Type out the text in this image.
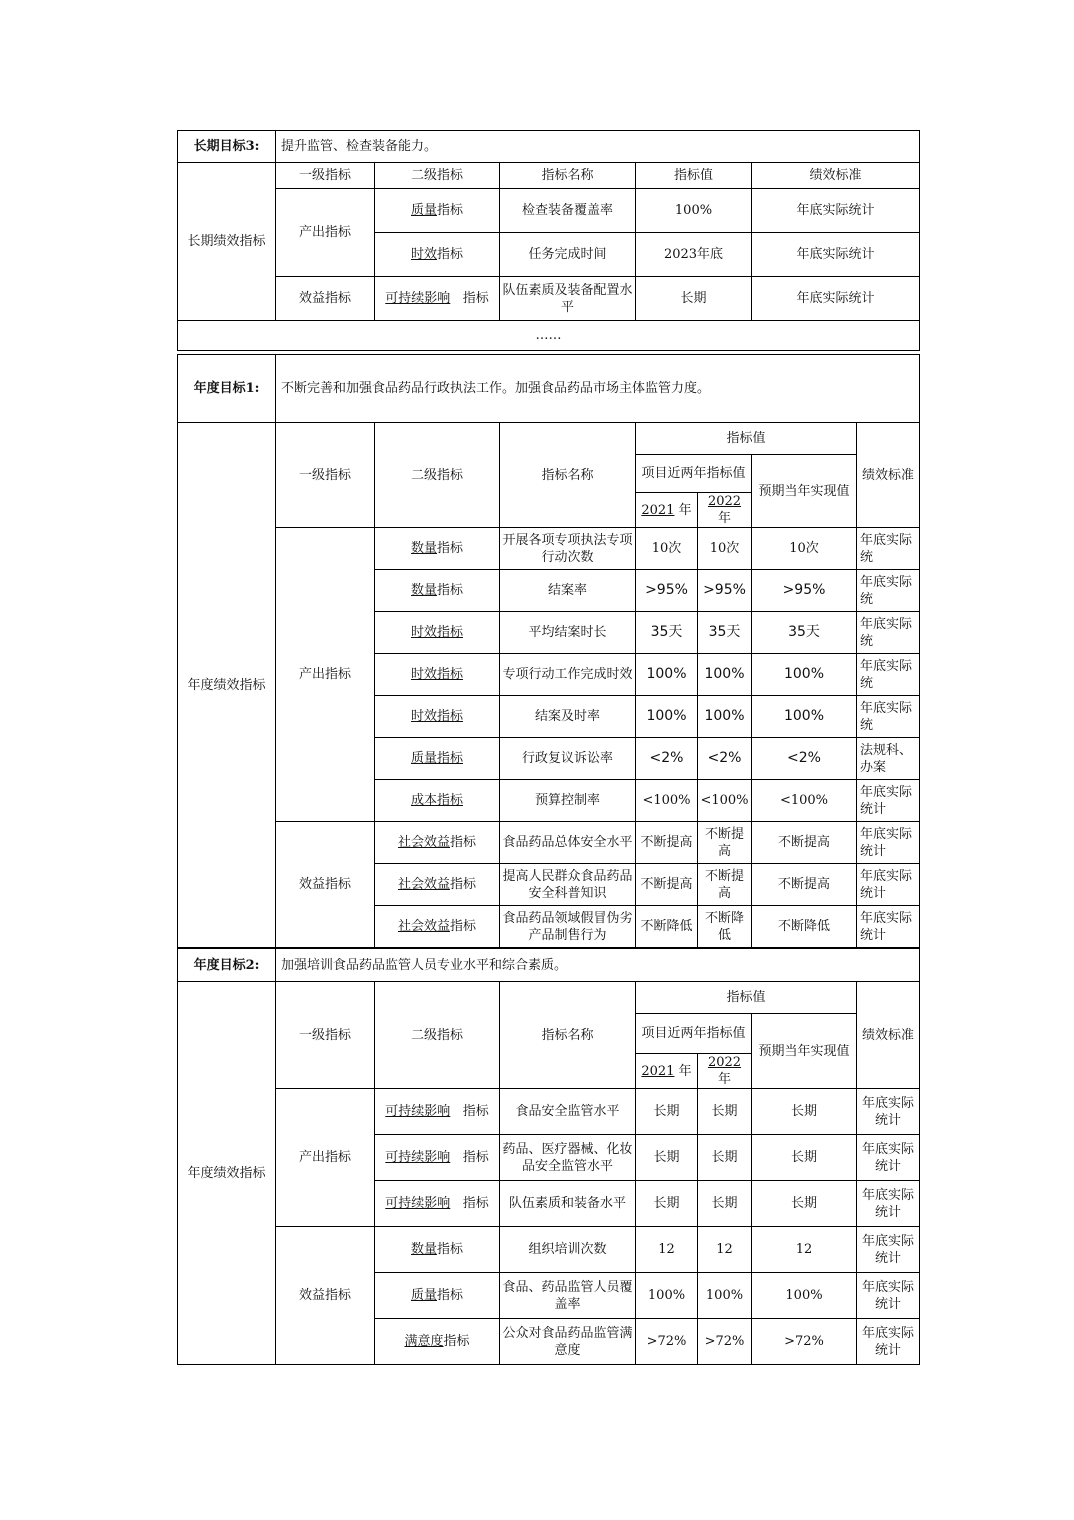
长期目标3:	提升监管、检查装备能力。				
长期绩效指标	一级指标	二级指标	指标名称	指标值	绩效标准
	产出指标	质量指标	检查装备覆盖率	100%	年底实际统计
		时效指标	任务完成时间	2023年底	年底实际统计
	效益指标	可持续影响 指标	队伍素质及装备配置水平	长期	年底实际统计
……					
年度目标1:	不断完善和加强食品药品行政执法工作。加强食品药品市场主体监管力度。						
年度绩效指标	一级指标	二级指标	指标名称	指标值			绩效标准
				项目近两年指标值		预期当年实现值	
				2021 年	2022
年		
	产出指标	数量指标	开展各项专项执法专项行动次数	10次	10次	10次	年底实际统
		数量指标	结案率	>95%	>95%	>95%	年底实际统
		时效指标	平均结案时长	35天	35天	35天	年底实际统
		时效指标	专项行动工作完成时效	100%	100%	100%	年底实际统
		时效指标	结案及时率	100%	100%	100%	年底实际统
		质量指标	行政复议诉讼率	<2%	<2%	<2%	法规科、办案
		成本指标	预算控制率	<100%	<100%	<100%	年底实际统计
	效益指标	社会效益指标	食品药品总体安全水平	不断提高	不断提高	不断提高	年底实际统计
		社会效益指标	提高人民群众食品药品安全科普知识	不断提高	不断提高	不断提高	年底实际统计
		社会效益指标	食品药品领域假冒伪劣产品制售行为	不断降低	不断降低	不断降低	年底实际统计
年度目标2:	加强培训食品药品监管人员专业水平和综合素质。						
年度绩效指标	一级指标	二级指标	指标名称	指标值			绩效标准
				项目近两年指标值		预期当年实现值	
				2021 年	2022
年		
	产出指标	可持续影响 指标	食品安全监管水平	长期	长期	长期	年底实际统计
		可持续影响 指标	药品、医疗器械、化妆品安全监管水平	长期	长期	长期	年底实际统计
		可持续影响 指标	队伍素质和装备水平	长期	长期	长期	年底实际统计
	效益指标	数量指标	组织培训次数	12	12	12	年底实际统计
		质量指标	食品、药品监管人员覆盖率	100%	100%	100%	年底实际统计
		满意度指标	公众对食品药品监管满意度	>72%	>72%	>72%	年底实际统计
